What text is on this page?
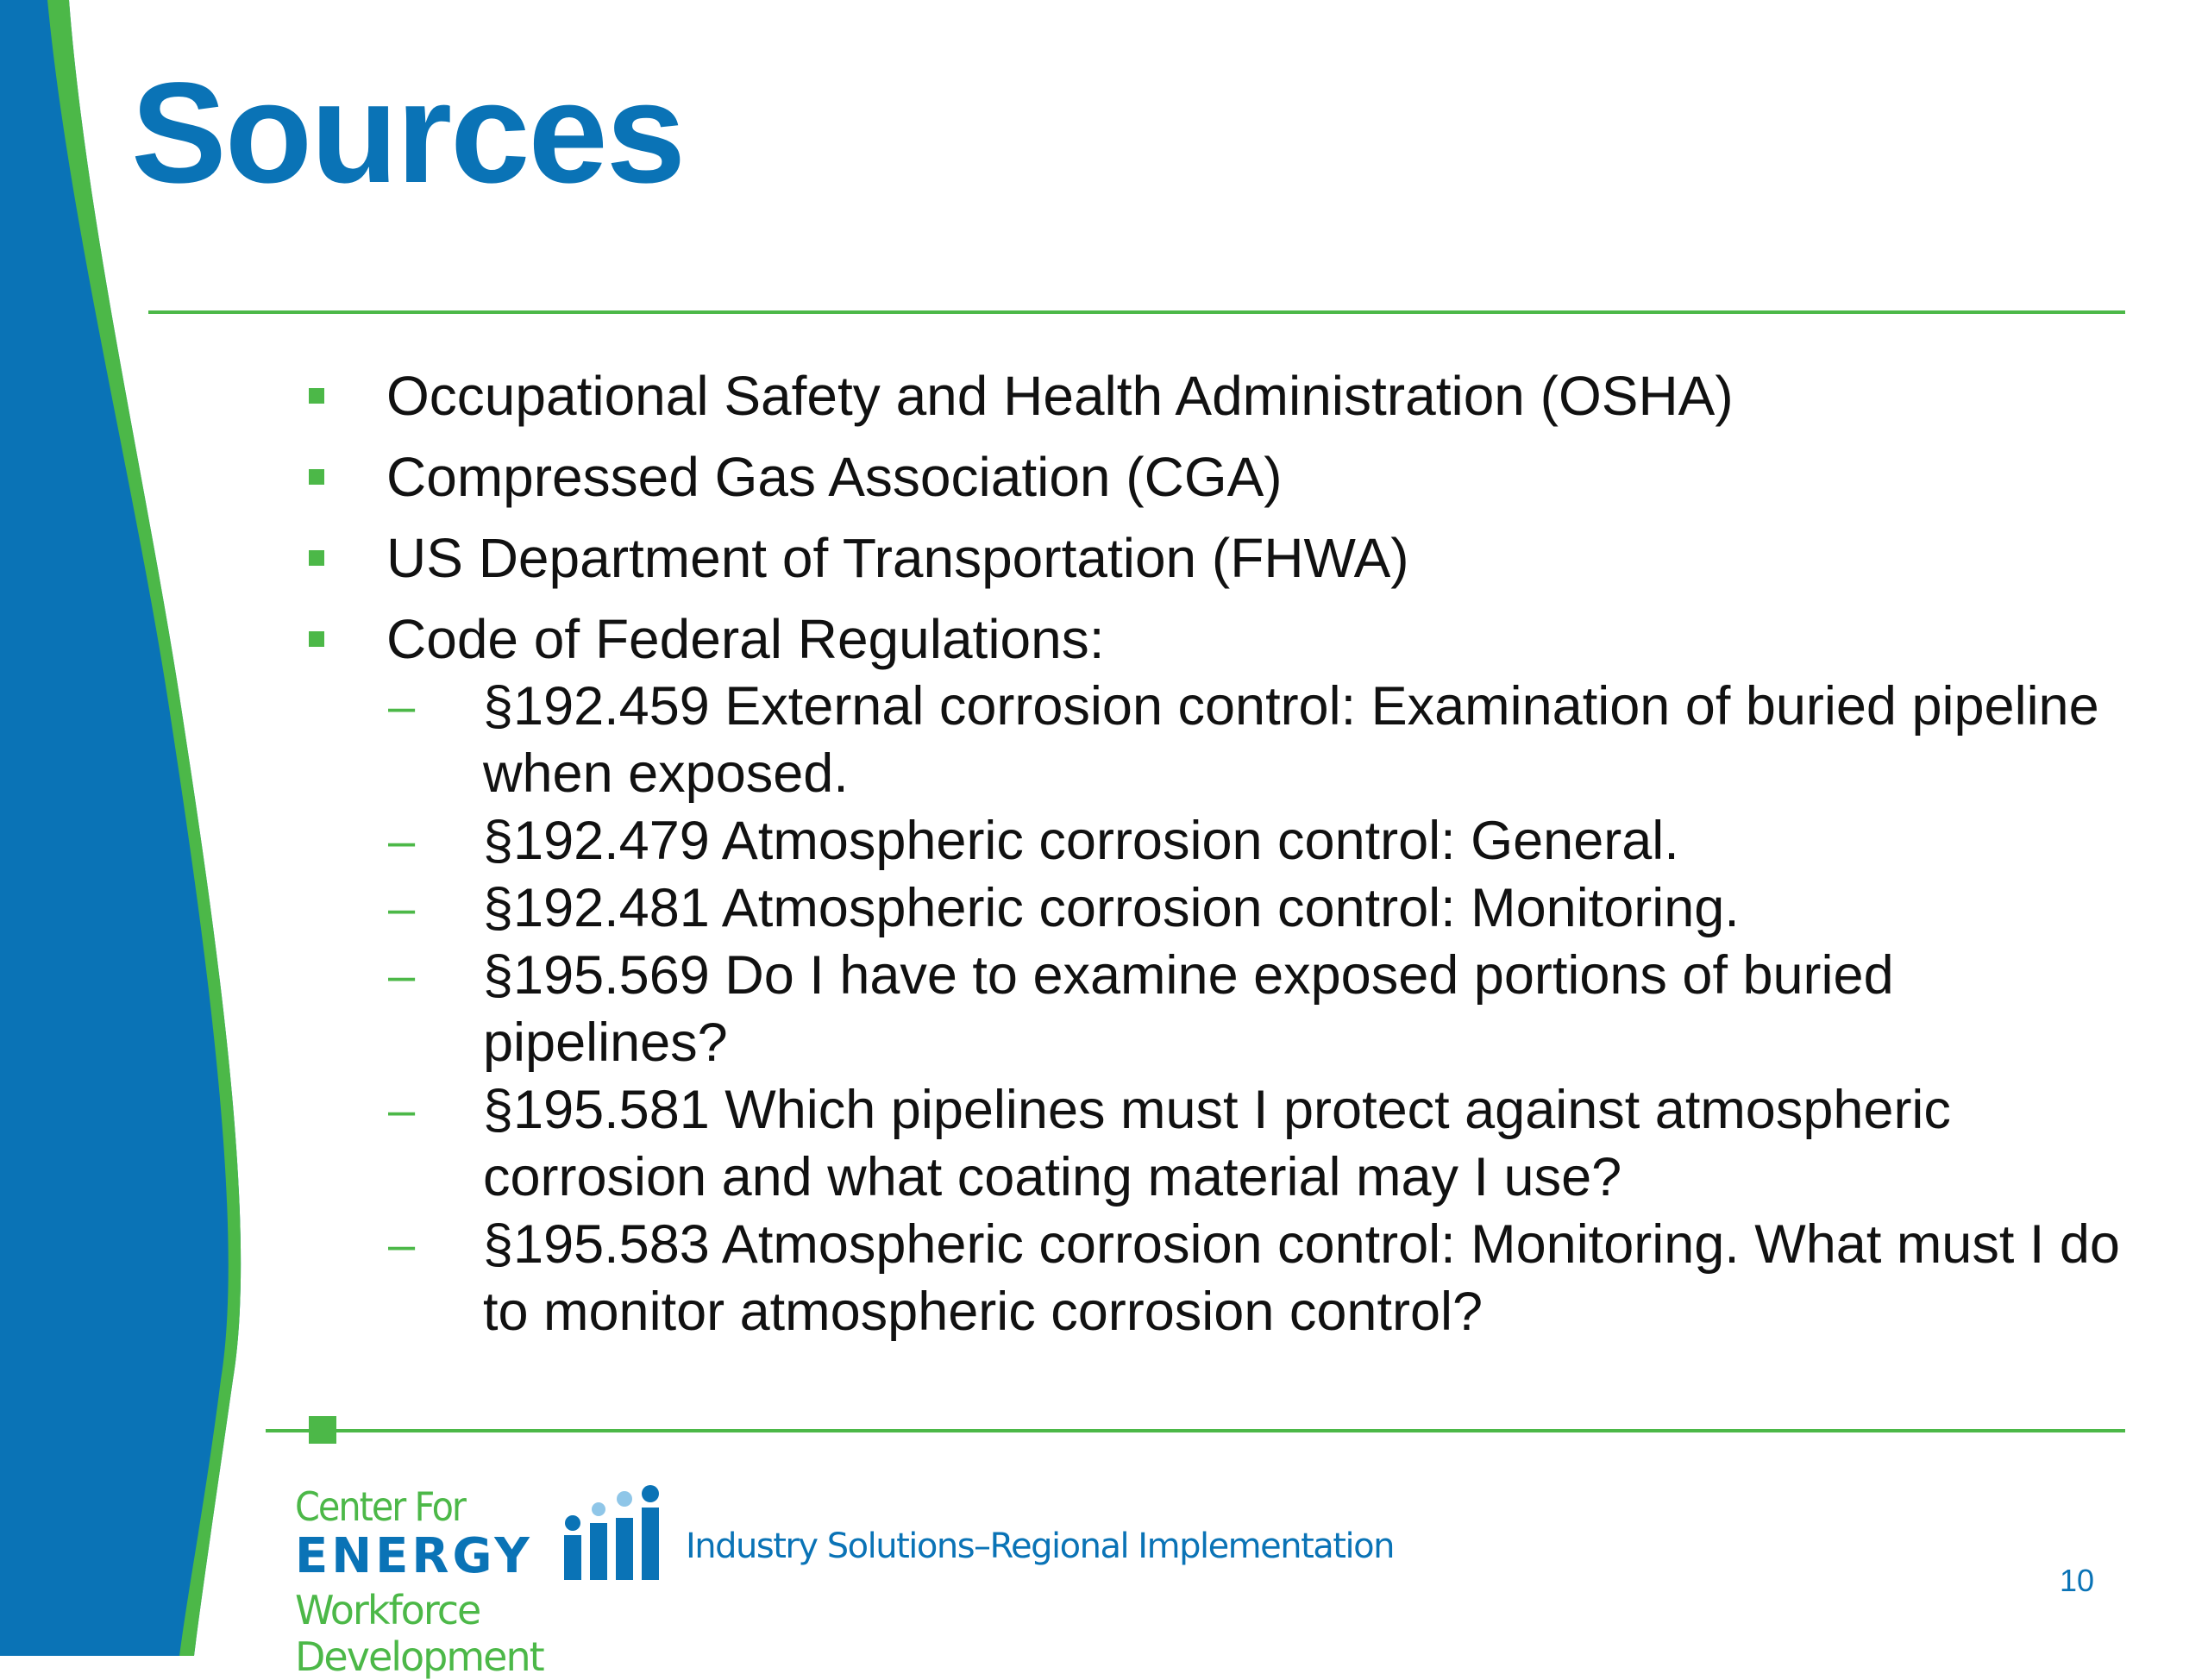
Sources
Occupational Safety and Health Administration (OSHA)
Compressed Gas Association (CGA)
US Department of Transportation (FHWA)
Code of Federal Regulations:
–	§192.459 External corrosion control: Examination of buried pipeline when exposed.
–	§192.479 Atmospheric corrosion control: General.
–	§192.481 Atmospheric corrosion control: Monitoring.
–	§195.569 Do I have to examine exposed portions of buried pipelines?
–	§195.581 Which pipelines must I protect against atmospheric corrosion and what coating material may I use?
–	§195.583 Atmospheric corrosion control: Monitoring. What must I do to monitor atmospheric corrosion control?
Center For
ENERGY
Workforce Development
Industry Solutions–Regional Implementation
10
